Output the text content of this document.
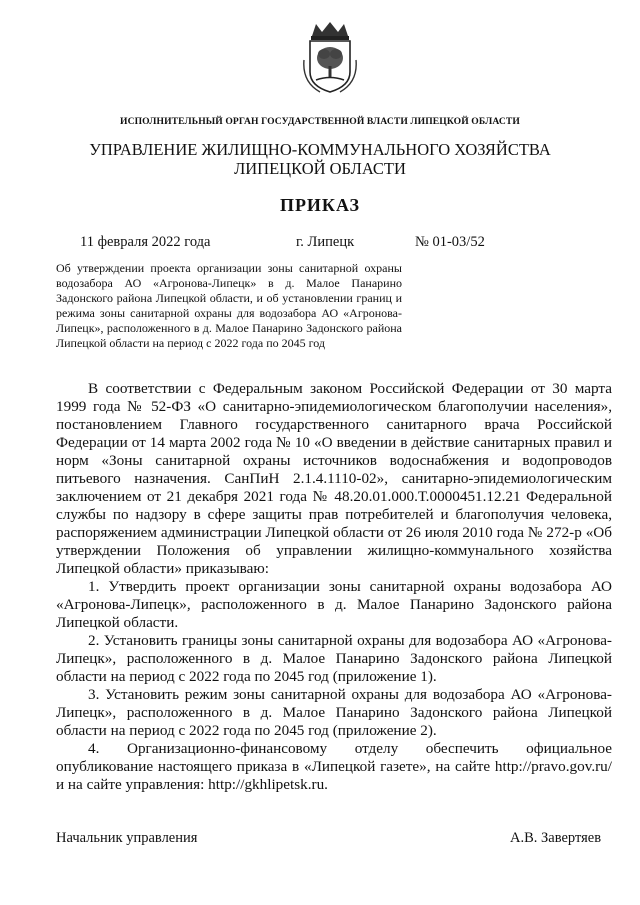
ИСПОЛНИТЕЛЬНЫЙ ОРГАН ГОСУДАРСТВЕННОЙ ВЛАСТИ ЛИПЕЦКОЙ ОБЛАСТИ
УПРАВЛЕНИЕ ЖИЛИЩНО-КОММУНАЛЬНОГО ХОЗЯЙСТВА
ЛИПЕЦКОЙ ОБЛАСТИ
ПРИКАЗ
11 февраля 2022 года	г. Липецк	№ 01-03/52
Об утверждении проекта организации зоны санитарной охраны водозабора АО «Агронова-Липецк» в д. Малое Панарино Задонского района Липецкой области, и об установлении границ и режима зоны санитарной охраны для водозабора АО «Агронова-Липецк», расположенного в д. Малое Панарино Задонского района Липецкой области на период с 2022 года по 2045 год

В соответствии с Федеральным законом Российской Федерации от 30 марта 1999 года № 52-ФЗ «О санитарно-эпидемиологическом благополучии населения», постановлением Главного государственного санитарного врача Российской Федерации от 14 марта 2002 года № 10 «О введении в действие санитарных правил и норм «Зоны санитарной охраны источников водоснабжения и водопроводов питьевого назначения. СанПиН 2.1.4.1110-02», санитарно-эпидемиологическим заключением от 21 декабря 2021 года № 48.20.01.000.Т.0000451.12.21 Федеральной службы по надзору в сфере защиты прав потребителей и благополучия человека, распоряжением администрации Липецкой области от 26 июля 2010 года № 272-р «Об утверждении Положения об управлении жилищно-коммунального хозяйства Липецкой области» приказываю:

1. Утвердить проект организации зоны санитарной охраны водозабора АО «Агронова-Липецк», расположенного в д. Малое Панарино Задонского района Липецкой области.

2. Установить границы зоны санитарной охраны для водозабора АО «Агронова-Липецк», расположенного в д. Малое Панарино Задонского района Липецкой области на период с 2022 года по 2045 год (приложение 1).

3. Установить режим зоны санитарной охраны для водозабора АО «Агронова-Липецк», расположенного в д. Малое Панарино Задонского района Липецкой области на период с 2022 года по 2045 год (приложение 2).

4. Организационно-финансовому отделу обеспечить официальное опубликование настоящего приказа в «Липецкой газете», на сайте http://pravo.gov.ru/ и на сайте управления: http://gkhlipetsk.ru.

Начальник управления	А.В. Завертяев
